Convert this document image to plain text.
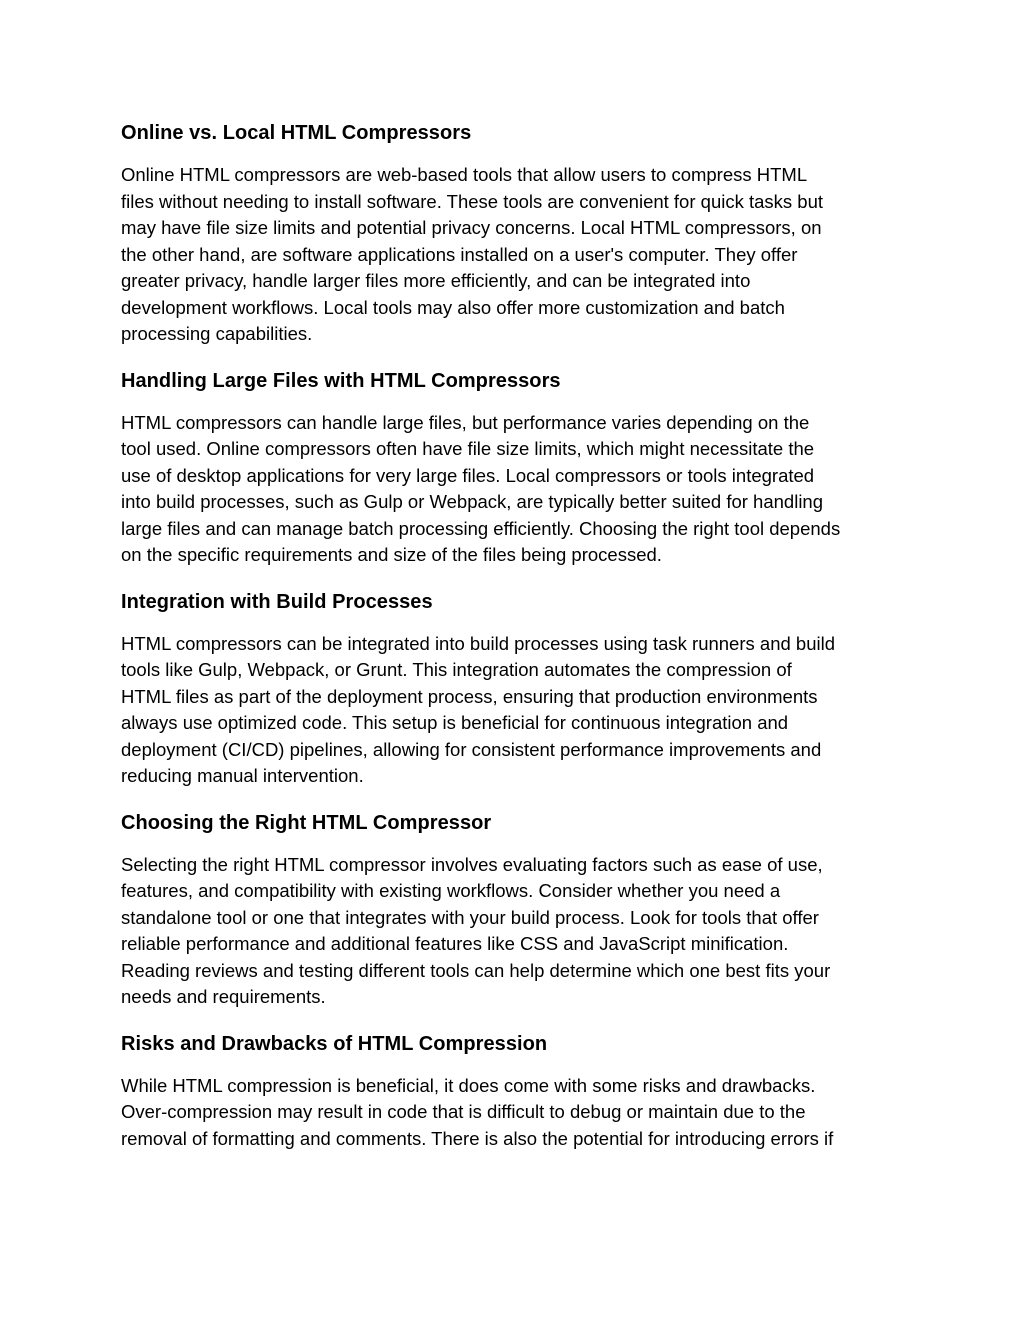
Online vs. Local HTML Compressors

Online HTML compressors are web-based tools that allow users to compress HTML
files without needing to install software. These tools are convenient for quick tasks but
may have file size limits and potential privacy concerns. Local HTML compressors, on
the other hand, are software applications installed on a user's computer. They offer
greater privacy, handle larger files more efficiently, and can be integrated into
development workflows. Local tools may also offer more customization and batch
processing capabilities.

Handling Large Files with HTML Compressors

HTML compressors can handle large files, but performance varies depending on the
tool used. Online compressors often have file size limits, which might necessitate the
use of desktop applications for very large files. Local compressors or tools integrated
into build processes, such as Gulp or Webpack, are typically better suited for handling
large files and can manage batch processing efficiently. Choosing the right tool depends
on the specific requirements and size of the files being processed.

Integration with Build Processes

HTML compressors can be integrated into build processes using task runners and build
tools like Gulp, Webpack, or Grunt. This integration automates the compression of
HTML files as part of the deployment process, ensuring that production environments
always use optimized code. This setup is beneficial for continuous integration and
deployment (CI/CD) pipelines, allowing for consistent performance improvements and
reducing manual intervention.

Choosing the Right HTML Compressor

Selecting the right HTML compressor involves evaluating factors such as ease of use,
features, and compatibility with existing workflows. Consider whether you need a
standalone tool or one that integrates with your build process. Look for tools that offer
reliable performance and additional features like CSS and JavaScript minification.
Reading reviews and testing different tools can help determine which one best fits your
needs and requirements.

Risks and Drawbacks of HTML Compression

While HTML compression is beneficial, it does come with some risks and drawbacks.
Over-compression may result in code that is difficult to debug or maintain due to the
removal of formatting and comments. There is also the potential for introducing errors if
